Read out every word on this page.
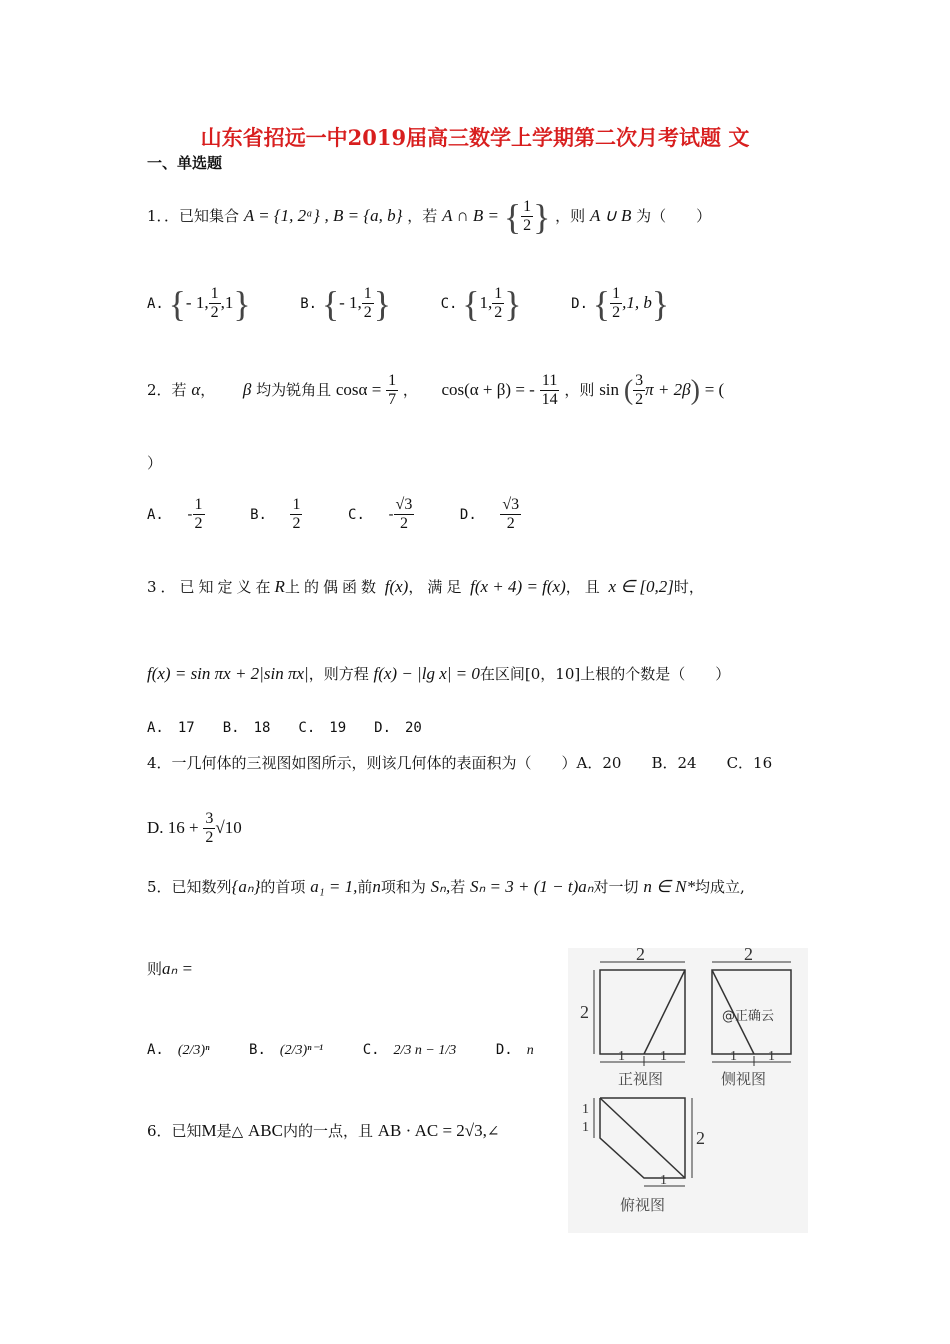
山东省招远一中2019届高三数学上学期第二次月考试题 文
一、单选题
1．．已知集合 A = {1, 2ᵃ} , B = {a, b} ，若 A ∩ B = { $\frac{1}{2}$ } ，则 A ∪ B 为（　　）
A. {- 1, $\frac{1}{2} ,1$}	B. {- 1, $\frac{1}{2}$ }	C. {1, $\frac{1}{2}$ }	D. { $\frac{1}{2} ,1$, b}
2．若 α， β 均为锐角且 $\cos\alpha = \frac{1}{7}$ ， cos(α + β) = - $\frac{11}{14}$ ，则 sin ( $\frac{3}{2}$ π + 2β) = (
）
A. - $\frac{1}{2}$	B. $\frac{1}{2}$	C. - $\frac{√3}{2}$	D. $\frac{√3}{2}$
3．已知定义在R上的偶函数 f(x)，满足 f(x + 4) = f(x)，且 x ∈ [0,2]时，
f(x) = sin πx + 2|sin πx|，则方程 f(x) − |lg x| = 0在区间[0，10]上根的个数是（　　）
A.　17　　B.　18　　C.　19　　D.　20
4．一几何体的三视图如图所示，则该几何体的表面积为（　　）A．20　　B．24　　C．16
D. $16 + \frac{3}{2} √10$
5．已知数列{aₙ}的首项 a₁ = 1,前n项和为 Sₙ,若 Sₙ = 3 + (1 − t)aₙ对一切 n ∈ N*均成立,
则aₙ =
A. (2/3)ⁿ	B. (2/3)ⁿ⁻¹	C. 2/3 n − 1/3	D. n
6．已知M是△ ABC内的一点，且 AB · AC = 2√3,∠
2
2
1	1
2
1 1
1
1
2
1
@正确云
正视图	侧视图
俯视图
